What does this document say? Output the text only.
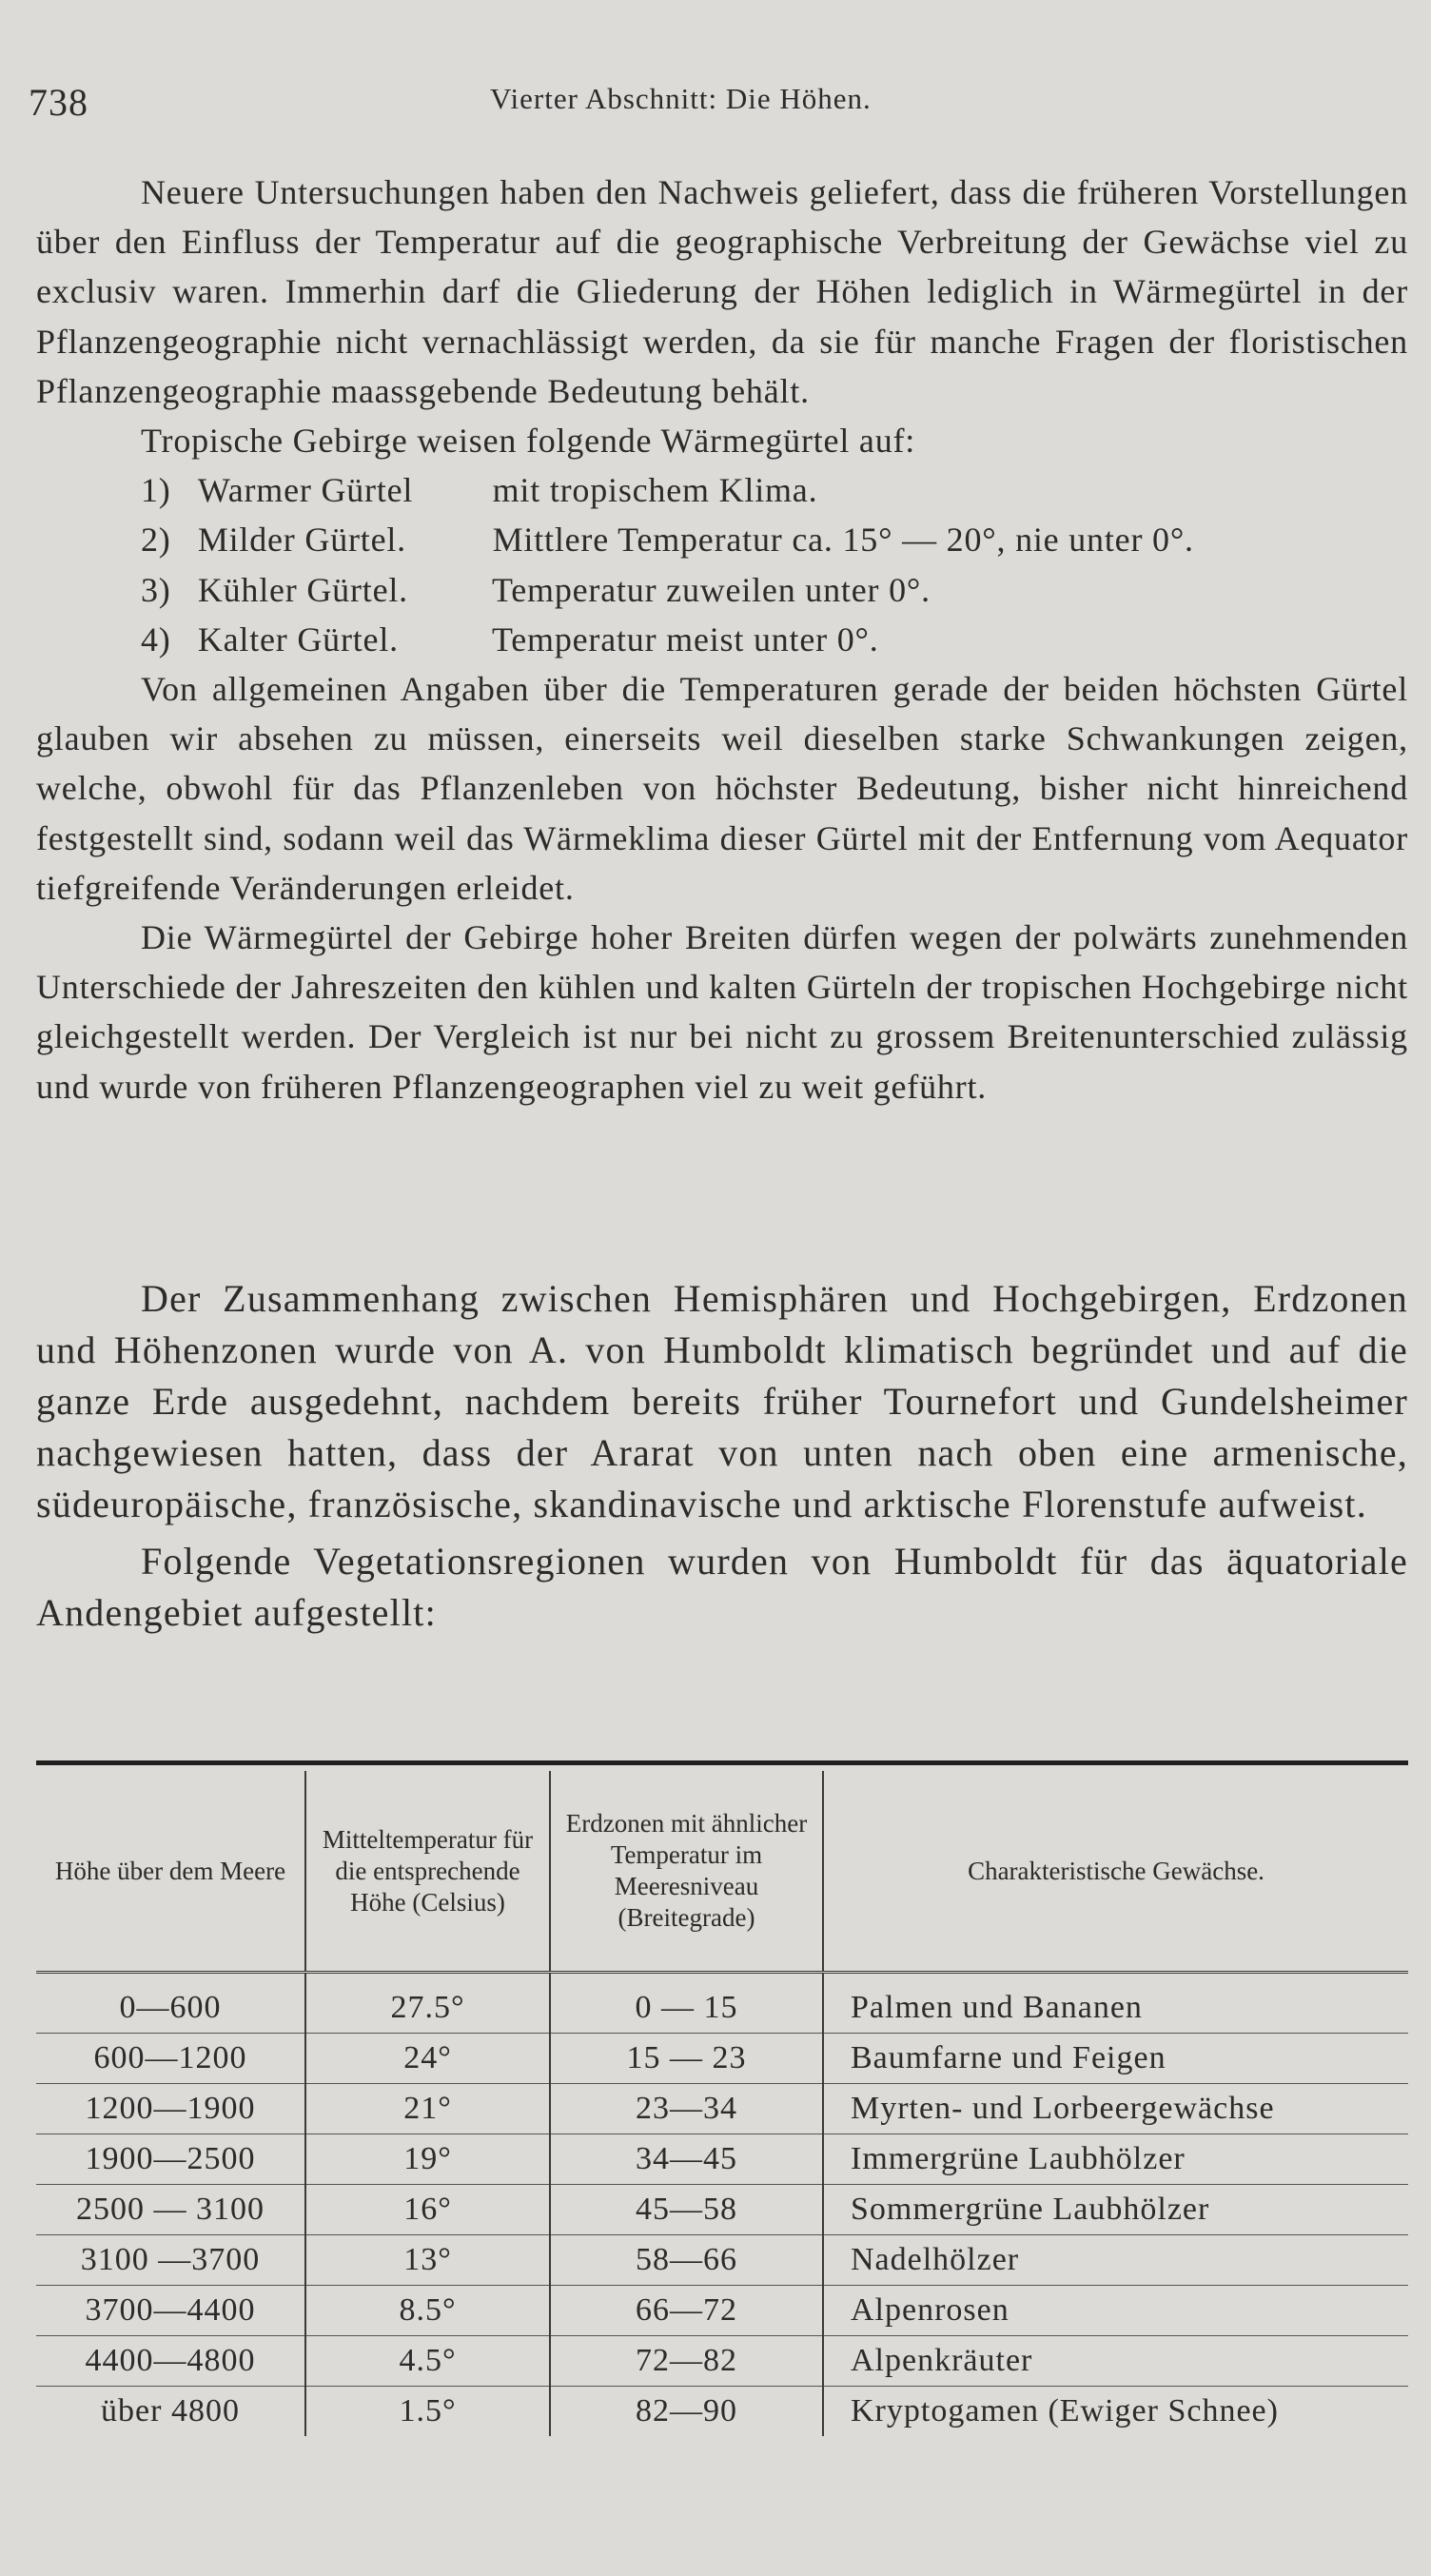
738	Vierter Abschnitt: Die Höhen.

Neuere Untersuchungen haben den Nachweis geliefert, dass die früheren Vorstellungen über den Einfluss der Temperatur auf die geographische Verbreitung der Gewächse viel zu exclusiv waren. Immerhin darf die Gliederung der Höhen lediglich in Wärmegürtel in der Pflanzengeographie nicht vernachlässigt werden, da sie für manche Fragen der floristischen Pflanzengeographie maassgebende Bedeutung behält.

Tropische Gebirge weisen folgende Wärmegürtel auf:

1) Warmer Gürtel mit tropischem Klima.
2) Milder Gürtel.	Mittlere Temperatur ca. 15° — 20°, nie unter 0°.
3) Kühler Gürtel. Temperatur zuweilen unter 0°.
4) Kalter Gürtel.	Temperatur meist unter 0°.

Von allgemeinen Angaben über die Temperaturen gerade der beiden höchsten Gürtel glauben wir absehen zu müssen, einerseits weil dieselben starke Schwankungen zeigen, welche, obwohl für das Pflanzenleben von höchster Bedeutung, bisher nicht hinreichend festgestellt sind, sodann weil das Wärmeklima dieser Gürtel mit der Entfernung vom Aequator tiefgreifende Veränderungen erleidet.

Die Wärmegürtel der Gebirge hoher Breiten dürfen wegen der polwärts zunehmenden Unterschiede der Jahreszeiten den kühlen und kalten Gürteln der tropischen Hochgebirge nicht gleichgestellt werden. Der Vergleich ist nur bei nicht zu grossem Breitenunterschied zulässig und wurde von früheren Pflanzengeographen viel zu weit geführt.

Der Zusammenhang zwischen Hemisphären und Hochgebirgen, Erdzonen und Höhenzonen wurde von A. von Humboldt klimatisch begründet und auf die ganze Erde ausgedehnt, nachdem bereits früher Tournefort und Gundelsheimer nachgewiesen hatten, dass der Ararat von unten nach oben eine armenische, südeuropäische, französische, skandinavische und arktische Florenstufe aufweist.

Folgende Vegetationsregionen wurden von Humboldt für das äquatoriale Andengebiet aufgestellt:

Höhe über dem Meere	Mitteltemperatur für die entsprechende Höhe (Celsius)	Erdzonen mit ähnlicher Temperatur im Meeresniveau (Breitegrade)	Charakteristische Gewächse.
0—600	27.5°	0 — 15	Palmen und Bananen
600—1200	24°	15 — 23	Baumfarne und Feigen
1200—1900	21°	23—34	Myrten- und Lorbeergewächse
1900—2500	19°	34—45	Immergrüne Laubhölzer
2500 — 3100	16°	45—58	Sommergrüne Laubhölzer
3100 —3700	13°	58—66	Nadelhölzer
3700—4400	8.5°	66—72	Alpenrosen
4400—4800	4.5°	72—82	Alpenkräuter
über 4800	1.5°	82—90	Kryptogamen (Ewiger Schnee)
